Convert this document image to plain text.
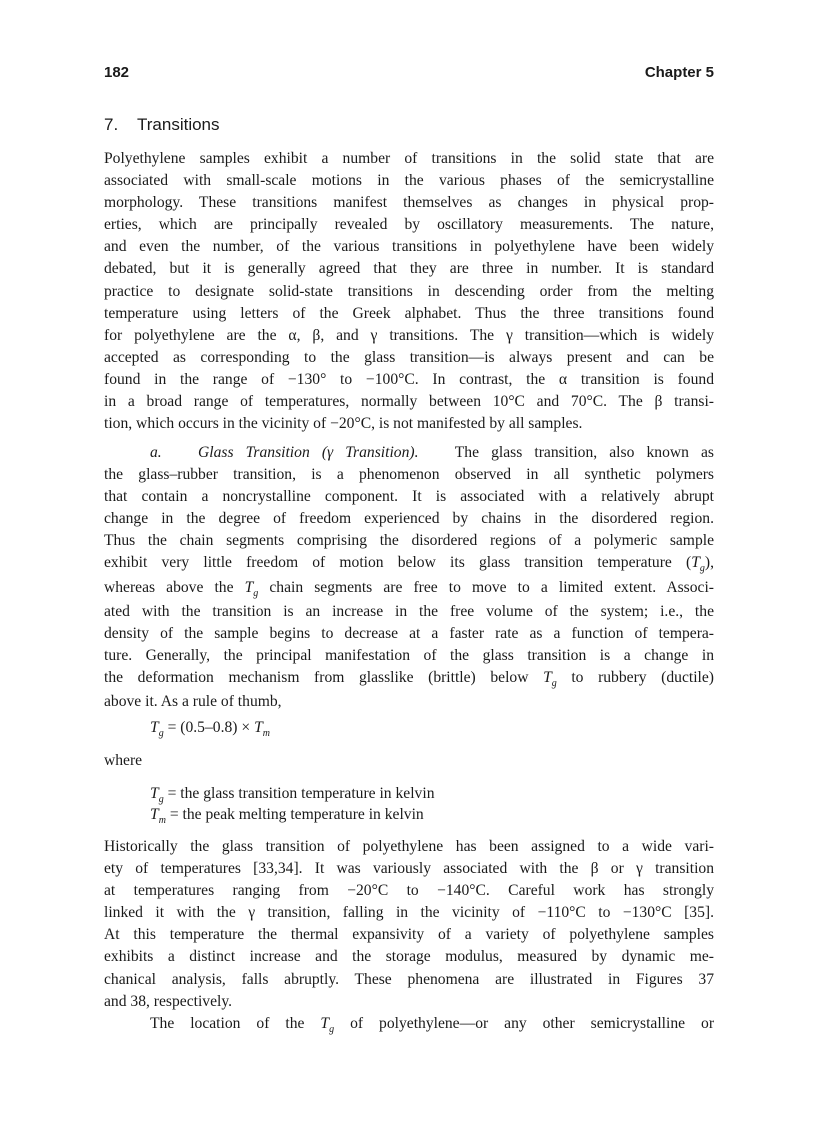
182	Chapter 5
7. Transitions

Polyethylene samples exhibit a number of transitions in the solid state that are
associated with small-scale motions in the various phases of the semicrystalline
morphology. These transitions manifest themselves as changes in physical prop-
erties, which are principally revealed by oscillatory measurements. The nature,
and even the number, of the various transitions in polyethylene have been widely
debated, but it is generally agreed that they are three in number. It is standard
practice to designate solid-state transitions in descending order from the melting
temperature using letters of the Greek alphabet. Thus the three transitions found
for polyethylene are the α, β, and γ transitions. The γ transition—which is widely
accepted as corresponding to the glass transition—is always present and can be
found in the range of −130° to −100°C. In contrast, the α transition is found
in a broad range of temperatures, normally between 10°C and 70°C. The β transi-
tion, which occurs in the vicinity of −20°C, is not manifested by all samples.

a. Glass Transition (γ Transition). The glass transition, also known as
the glass–rubber transition, is a phenomenon observed in all synthetic polymers
that contain a noncrystalline component. It is associated with a relatively abrupt
change in the degree of freedom experienced by chains in the disordered region.
Thus the chain segments comprising the disordered regions of a polymeric sample
exhibit very little freedom of motion below its glass transition temperature $(T_g)$,
whereas above the $T_g$ chain segments are free to move to a limited extent. Associ-
ated with the transition is an increase in the free volume of the system; i.e., the
density of the sample begins to decrease at a faster rate as a function of tempera-
ture. Generally, the principal manifestation of the glass transition is a change in
the deformation mechanism from glasslike (brittle) below $T_g$ to rubbery (ductile)
above it. As a rule of thumb,

$T_g = (0.5-0.8) \times T_m$
where
$T_g$ = the glass transition temperature in kelvin
$T_m$ = the peak melting temperature in kelvin

Historically the glass transition of polyethylene has been assigned to a wide vari-
ety of temperatures [33,34]. It was variously associated with the β or γ transition
at temperatures ranging from −20°C to −140°C. Careful work has strongly
linked it with the γ transition, falling in the vicinity of −110°C to −130°C [35].
At this temperature the thermal expansivity of a variety of polyethylene samples
exhibits a distinct increase and the storage modulus, measured by dynamic me-
chanical analysis, falls abruptly. These phenomena are illustrated in Figures 37
and 38, respectively.

The location of the $T_g$ of polyethylene—or any other semicrystalline or
